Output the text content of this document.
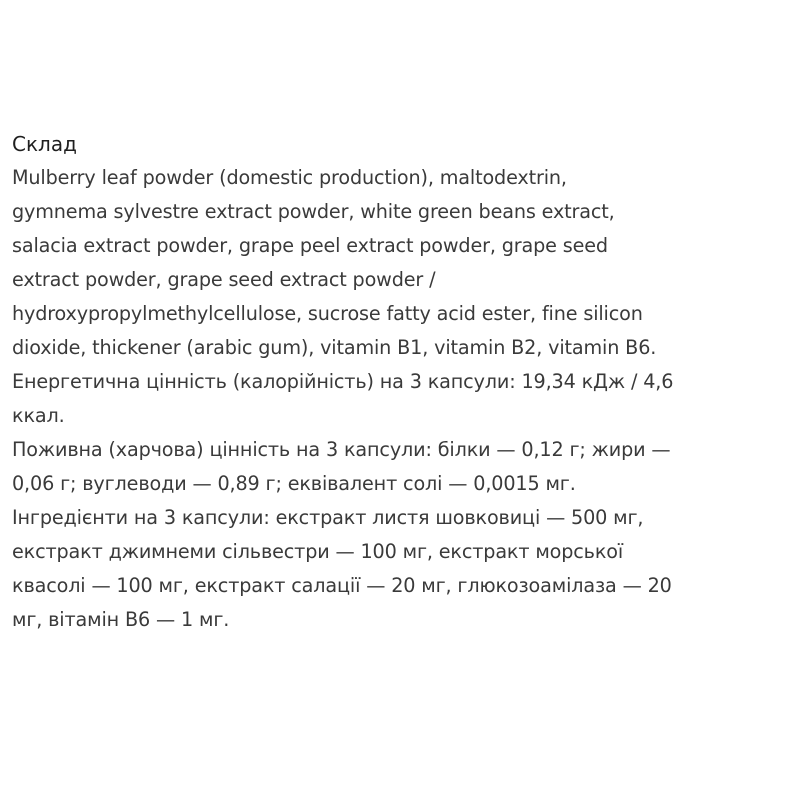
Склад

Mulberry leaf powder (domestic production), maltodextrin,
gymnema sylvestre extract powder, white green beans extract,
salacia extract powder, grape peel extract powder, grape seed
extract powder, grape seed extract powder /
hydroxypropylmethylcellulose, sucrose fatty acid ester, fine silicon
dioxide, thickener (arabic gum), vitamin B1, vitamin B2, vitamin B6.

Енергетична цінність (калорійність) на 3 капсули: 19,34 кДж / 4,6
ккал.

Поживна (харчова) цінність на 3 капсули: білки — 0,12 г; жири —
0,06 г; вуглеводи — 0,89 г; еквівалент солі — 0,0015 мг.

Інгредієнти на 3 капсули: екстракт листя шовковиці — 500 мг,
екстракт джимнеми сільвестри — 100 мг, екстракт морської
квасолі — 100 мг, екстракт салації — 20 мг, глюкозоамілаза — 20
мг, вітамін В6 — 1 мг.
